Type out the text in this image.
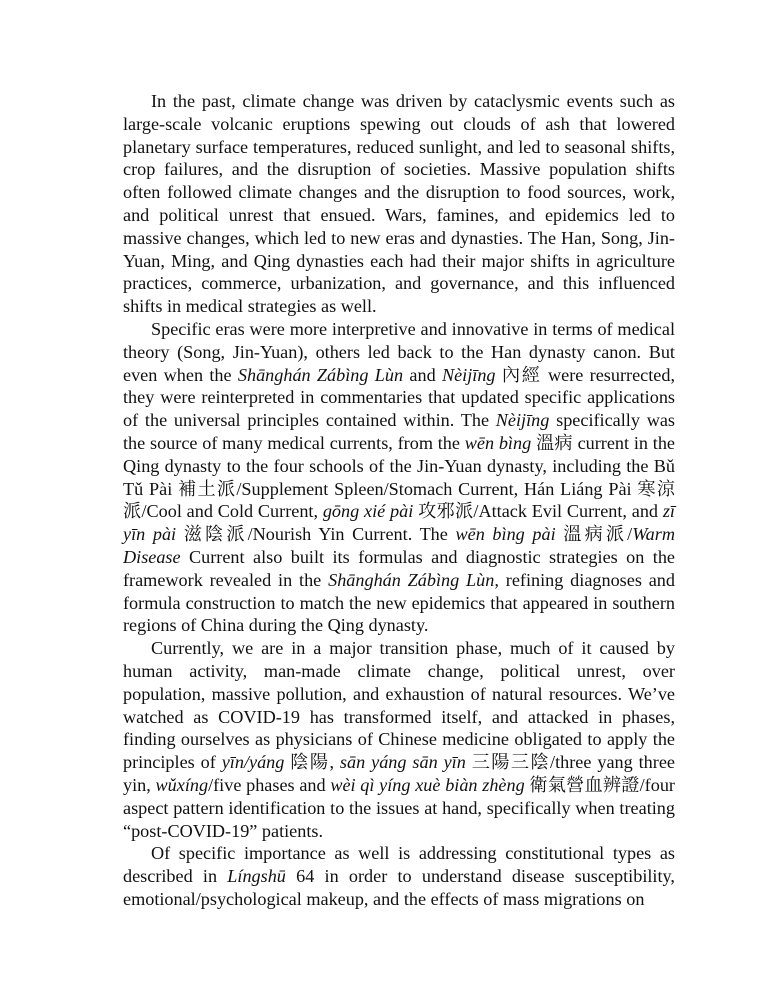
In the past, climate change was driven by cataclysmic events such as large-scale volcanic eruptions spewing out clouds of ash that lowered planetary surface temperatures, reduced sunlight, and led to seasonal shifts, crop failures, and the disruption of societies. Massive population shifts often followed climate changes and the disruption to food sources, work, and political unrest that ensued. Wars, famines, and epidemics led to massive changes, which led to new eras and dynasties. The Han, Song, Jin-Yuan, Ming, and Qing dynasties each had their major shifts in agriculture practices, commerce, urbanization, and governance, and this influenced shifts in medical strategies as well.

Specific eras were more interpretive and innovative in terms of medical theory (Song, Jin-Yuan), others led back to the Han dynasty canon. But even when the Shānghán Zábìng Lùn and Nèijīng 內經 were resurrected, they were reinterpreted in commentaries that updated specific applications of the universal principles contained within. The Nèijīng specifically was the source of many medical currents, from the wēn bìng 溫病 current in the Qing dynasty to the four schools of the Jin-Yuan dynasty, including the Bǔ Tǔ Pài 補土派/Supplement Spleen/Stomach Current, Hán Liáng Pài 寒涼派/Cool and Cold Current, gōng xié pài 攻邪派/Attack Evil Current, and zī yīn pài 滋陰派/Nourish Yin Current. The wēn bìng pài 溫病派/Warm Disease Current also built its formulas and diagnostic strategies on the framework revealed in the Shānghán Zábìng Lùn, refining diagnoses and formula construction to match the new epidemics that appeared in southern regions of China during the Qing dynasty.

Currently, we are in a major transition phase, much of it caused by human activity, man-made climate change, political unrest, over population, massive pollution, and exhaustion of natural resources. We’ve watched as COVID-19 has transformed itself, and attacked in phases, finding ourselves as physicians of Chinese medicine obligated to apply the principles of yīn/yáng 陰陽, sān yáng sān yīn 三陽三陰/three yang three yin, wǔxíng/five phases and wèi qì yíng xuè biàn zhèng 衛氣營血辨證/four aspect pattern identification to the issues at hand, specifically when treating “post-COVID-19” patients.

Of specific importance as well is addressing constitutional types as described in Língshū 64 in order to understand disease susceptibility, emotional/psychological makeup, and the effects of mass migrations on
